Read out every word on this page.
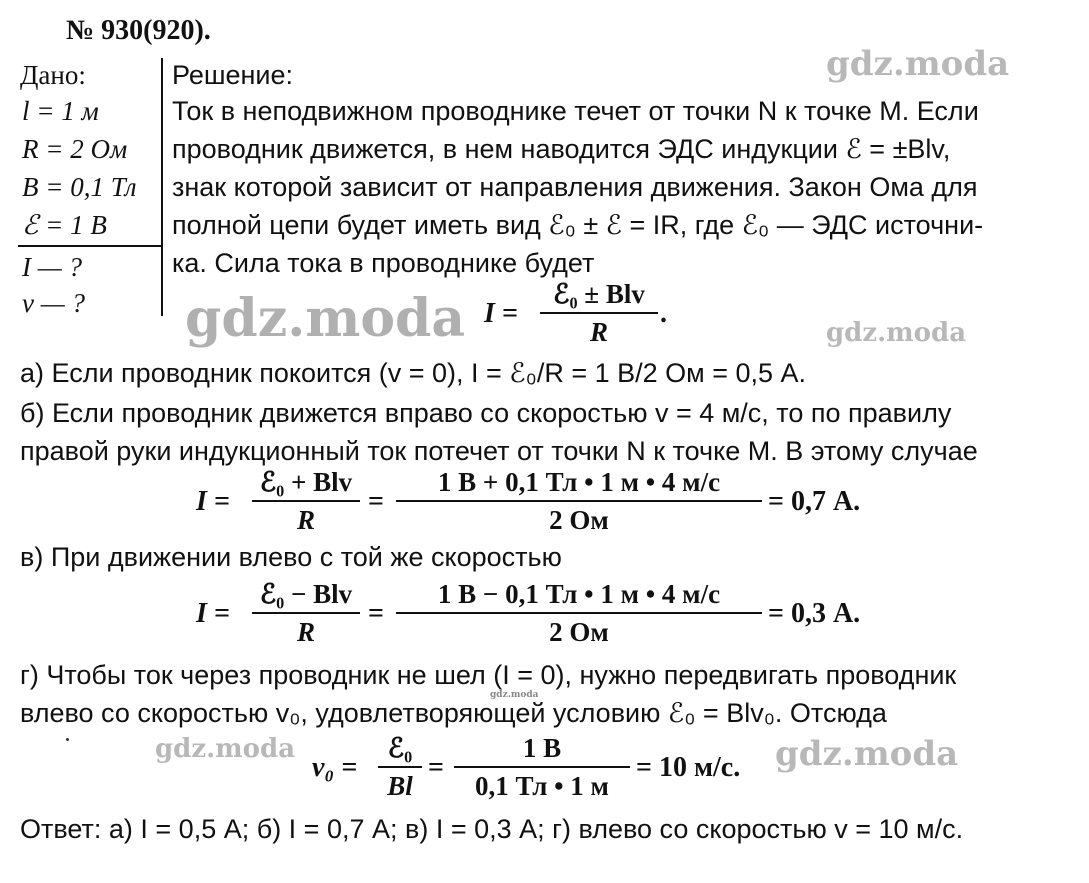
gdz.moda
gdz.moda	gdz.moda
gdz.moda
gdz.moda	gdz.moda
№ 930(920).
Дано:
l = 1 м
R = 2 Ом
B = 0,1 Тл
ℰ = 1 В
I — ?
v — ?
Решение:
Ток в неподвижном проводнике течет от точки N к точке M. Если
проводник движется, в нем наводится ЭДС индукции ℰ = ±Blv,
знак которой зависит от направления движения. Закон Ома для
полной цепи будет иметь вид ℰ₀ ± ℰ = IR, где ℰ₀ — ЭДС источни-
ка. Сила тока в проводнике будет
I =
ℰ₀ ± Blv
R
.
а) Если проводник покоится (v = 0), I = ℰ₀/R = 1 В/2 Ом = 0,5 А.
б) Если проводник движется вправо со скоростью v = 4 м/с, то по правилу
правой руки индукционный ток потечет от точки N к точке M. В этому случае
I =
ℰ₀ + Blv
R
=
1 В + 0,1 Тл • 1 м • 4 м/с
2 Ом
= 0,7 А.
в) При движении влево с той же скоростью
I =
ℰ₀ − Blv
R
=
1 В − 0,1 Тл • 1 м • 4 м/с
2 Ом
= 0,3 А.
г) Чтобы ток через проводник не шел (I = 0), нужно передвигать проводник
влево со скоростью v₀, удовлетворяющей условию ℰ₀ = Blv₀. Отсюда
v₀ =
ℰ₀
Bl
=
1 В
0,1 Тл • 1 м
= 10 м/с.
Ответ: а) I = 0,5 А; б) I = 0,7 А; в) I = 0,3 А; г) влево со скоростью v = 10 м/с.
